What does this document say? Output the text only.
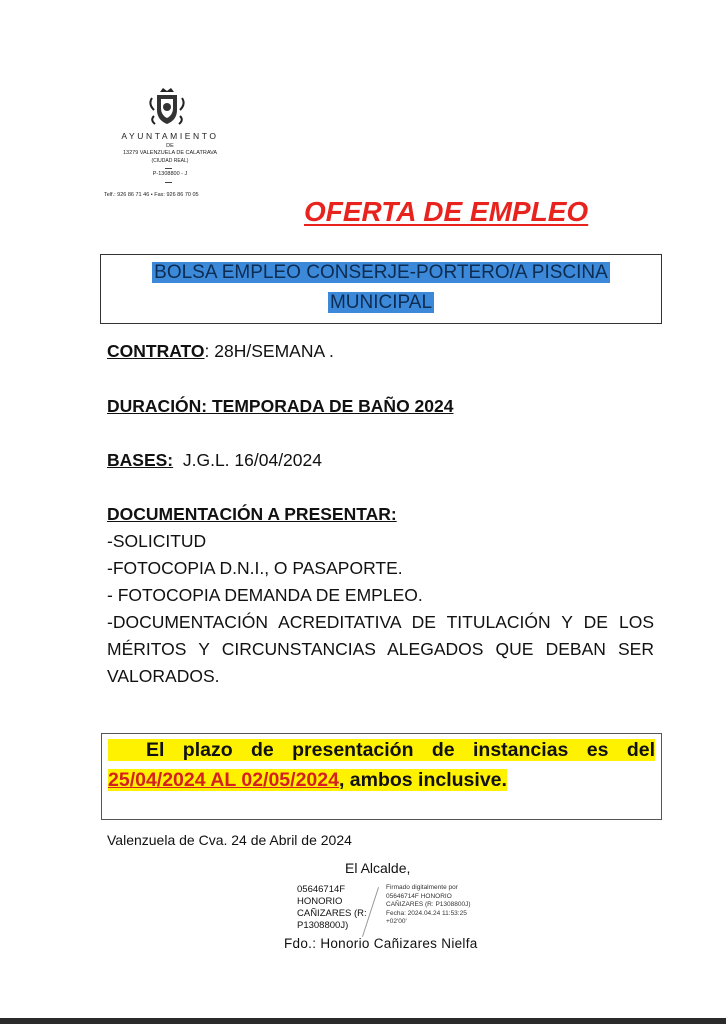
AYUNTAMIENTO
DE
13279 VALENZUELA DE CALATRAVA
(CIUDAD REAL)
P-1308800 - J
Telf.: 926 86 71 46 • Fax: 926 86 70 05
OFERTA DE EMPLEO
BOLSA EMPLEO CONSERJE-PORTERO/A PISCINA
MUNICIPAL
CONTRATO: 28H/SEMANA .
DURACIÓN: TEMPORADA DE BAÑO 2024
BASES: J.G.L. 16/04/2024
DOCUMENTACIÓN A PRESENTAR:
-SOLICITUD
-FOTOCOPIA D.N.I., O PASAPORTE.
- FOTOCOPIA DEMANDA DE EMPLEO.
-DOCUMENTACIÓN ACREDITATIVA DE TITULACIÓN Y DE LOS
MÉRITOS Y CIRCUNSTANCIAS ALEGADOS QUE DEBAN SER
VALORADOS.
El plazo de presentación de instancias es del
25/04/2024 AL 02/05/2024, ambos inclusive.
Valenzuela de Cva. 24 de Abril de 2024
El Alcalde,
05646714F
HONORIO
CAÑIZARES (R:
P1308800J)
Firmado digitalmente por
05646714F HONORIO
CAÑIZARES (R: P1308800J)
Fecha: 2024.04.24 11:53:25
+02'00'
Fdo.: Honorio Cañizares Nielfa
